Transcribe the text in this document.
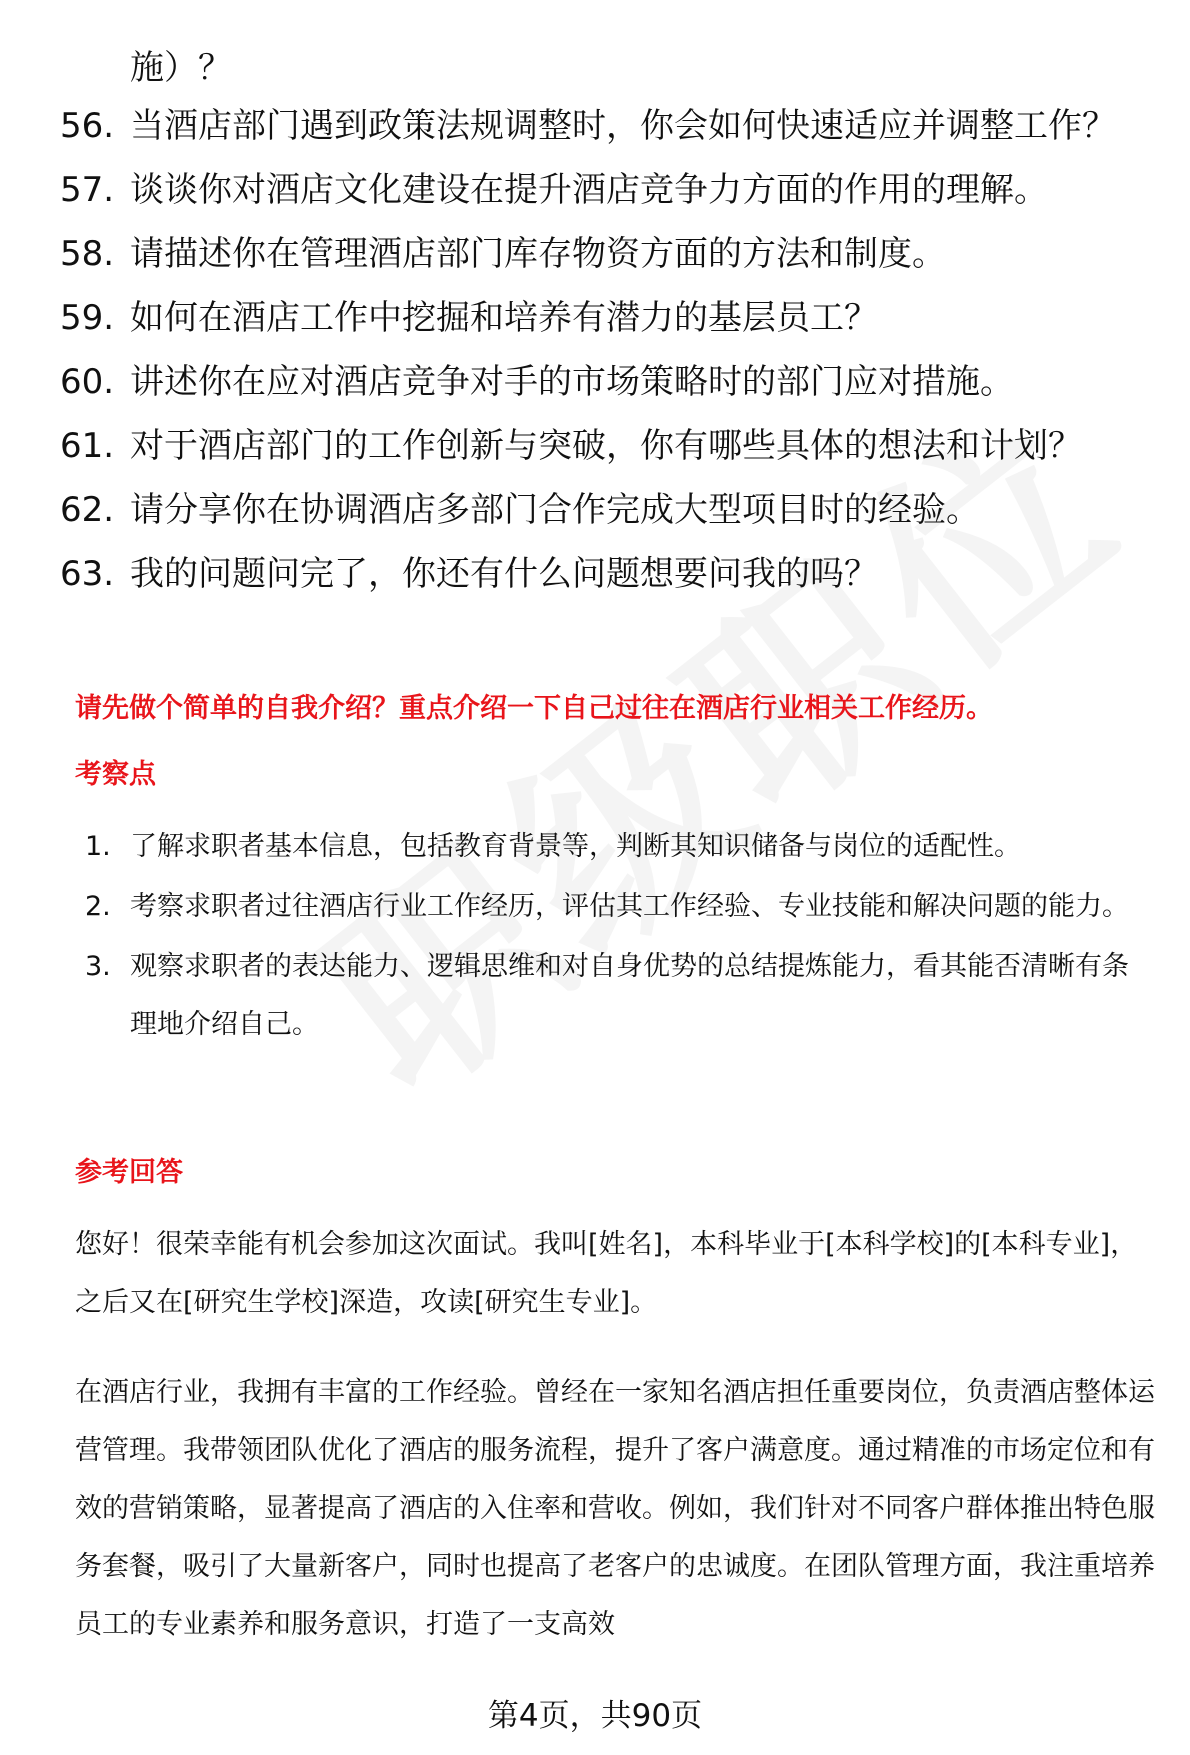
施）？
56. 当酒店部门遇到政策法规调整时，你会如何快速适应并调整工作？
57. 谈谈你对酒店文化建设在提升酒店竞争力方面的作用的理解。
58. 请描述你在管理酒店部门库存物资方面的方法和制度。
59. 如何在酒店工作中挖掘和培养有潜力的基层员工？
60. 讲述你在应对酒店竞争对手的市场策略时的部门应对措施。
61. 对于酒店部门的工作创新与突破，你有哪些具体的想法和计划？
62. 请分享你在协调酒店多部门合作完成大型项目时的经验。
63. 我的问题问完了，你还有什么问题想要问我的吗？
请先做个简单的自我介绍？重点介绍一下自己过往在酒店行业相关工作经历。
考察点
1. 了解求职者基本信息，包括教育背景等，判断其知识储备与岗位的适配性。
2. 考察求职者过往酒店行业工作经历，评估其工作经验、专业技能和解决问题的能力。
3. 观察求职者的表达能力、逻辑思维和对自身优势的总结提炼能力，看其能否清晰有条理地介绍自己。
参考回答

您好！很荣幸能有机会参加这次面试。我叫[姓名]，本科毕业于[本科学校]的[本科专业]，之后又在[研究生学校]深造，攻读[研究生专业]。

在酒店行业，我拥有丰富的工作经验。曾经在一家知名酒店担任重要岗位，负责酒店整体运营管理。我带领团队优化了酒店的服务流程，提升了客户满意度。通过精准的市场定位和有效的营销策略，显著提高了酒店的入住率和营收。例如，我们针对不同客户群体推出特色服务套餐，吸引了大量新客户，同时也提高了老客户的忠诚度。在团队管理方面，我注重培养员工的专业素养和服务意识，打造了一支高效

第4页，共90页
